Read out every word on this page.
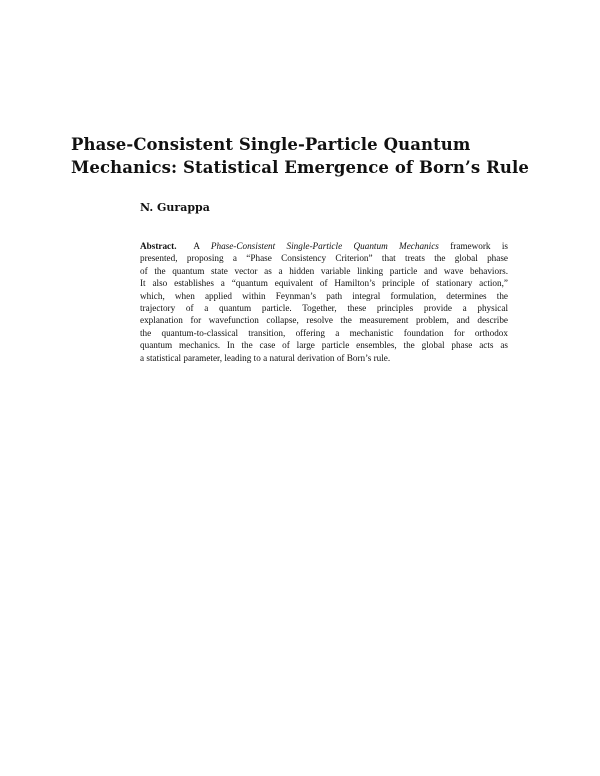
Phase-Consistent Single-Particle Quantum
Mechanics: Statistical Emergence of Born’s Rule
N. Gurappa
Abstract. A Phase-Consistent Single-Particle Quantum Mechanics framework is
presented, proposing a “Phase Consistency Criterion” that treats the global phase
of the quantum state vector as a hidden variable linking particle and wave behaviors.
It also establishes a “quantum equivalent of Hamilton’s principle of stationary action,”
which, when applied within Feynman’s path integral formulation, determines the
trajectory of a quantum particle. Together, these principles provide a physical
explanation for wavefunction collapse, resolve the measurement problem, and describe
the quantum-to-classical transition, offering a mechanistic foundation for orthodox
quantum mechanics. In the case of large particle ensembles, the global phase acts as
a statistical parameter, leading to a natural derivation of Born’s rule.
